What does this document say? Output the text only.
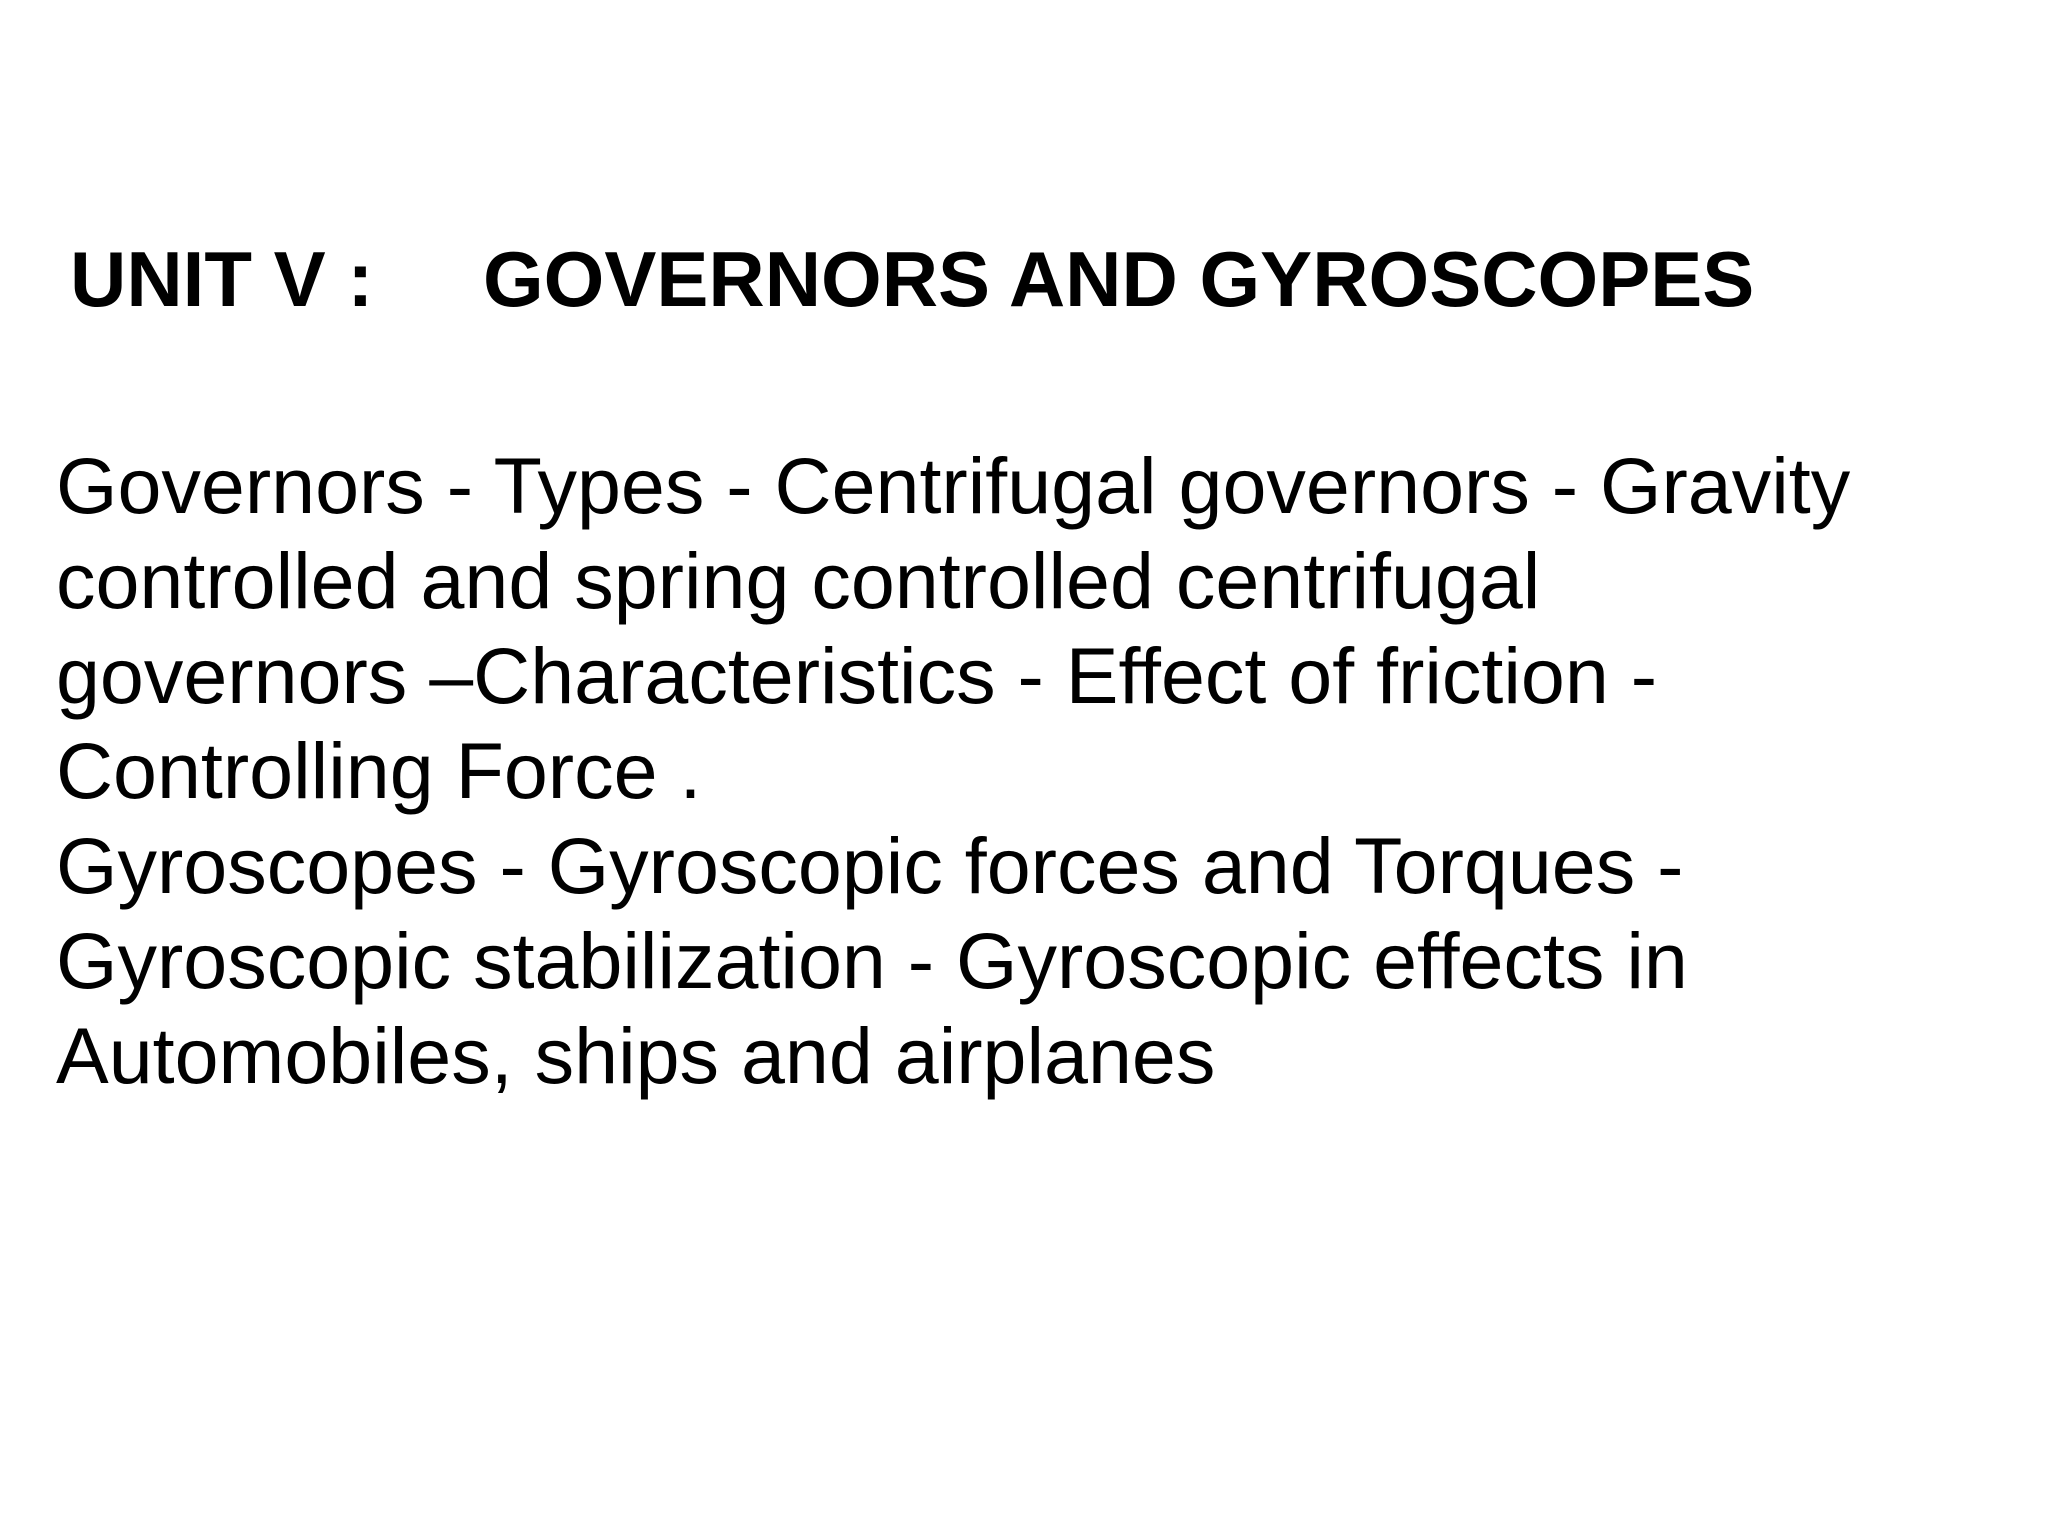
UNIT V : GOVERNORS AND GYROSCOPES
Governors - Types - Centrifugal governors - Gravity
controlled and spring controlled centrifugal
governors –Characteristics - Effect of friction -
Controlling Force .
Gyroscopes - Gyroscopic forces and Torques -
Gyroscopic stabilization - Gyroscopic effects in
Automobiles, ships and airplanes
